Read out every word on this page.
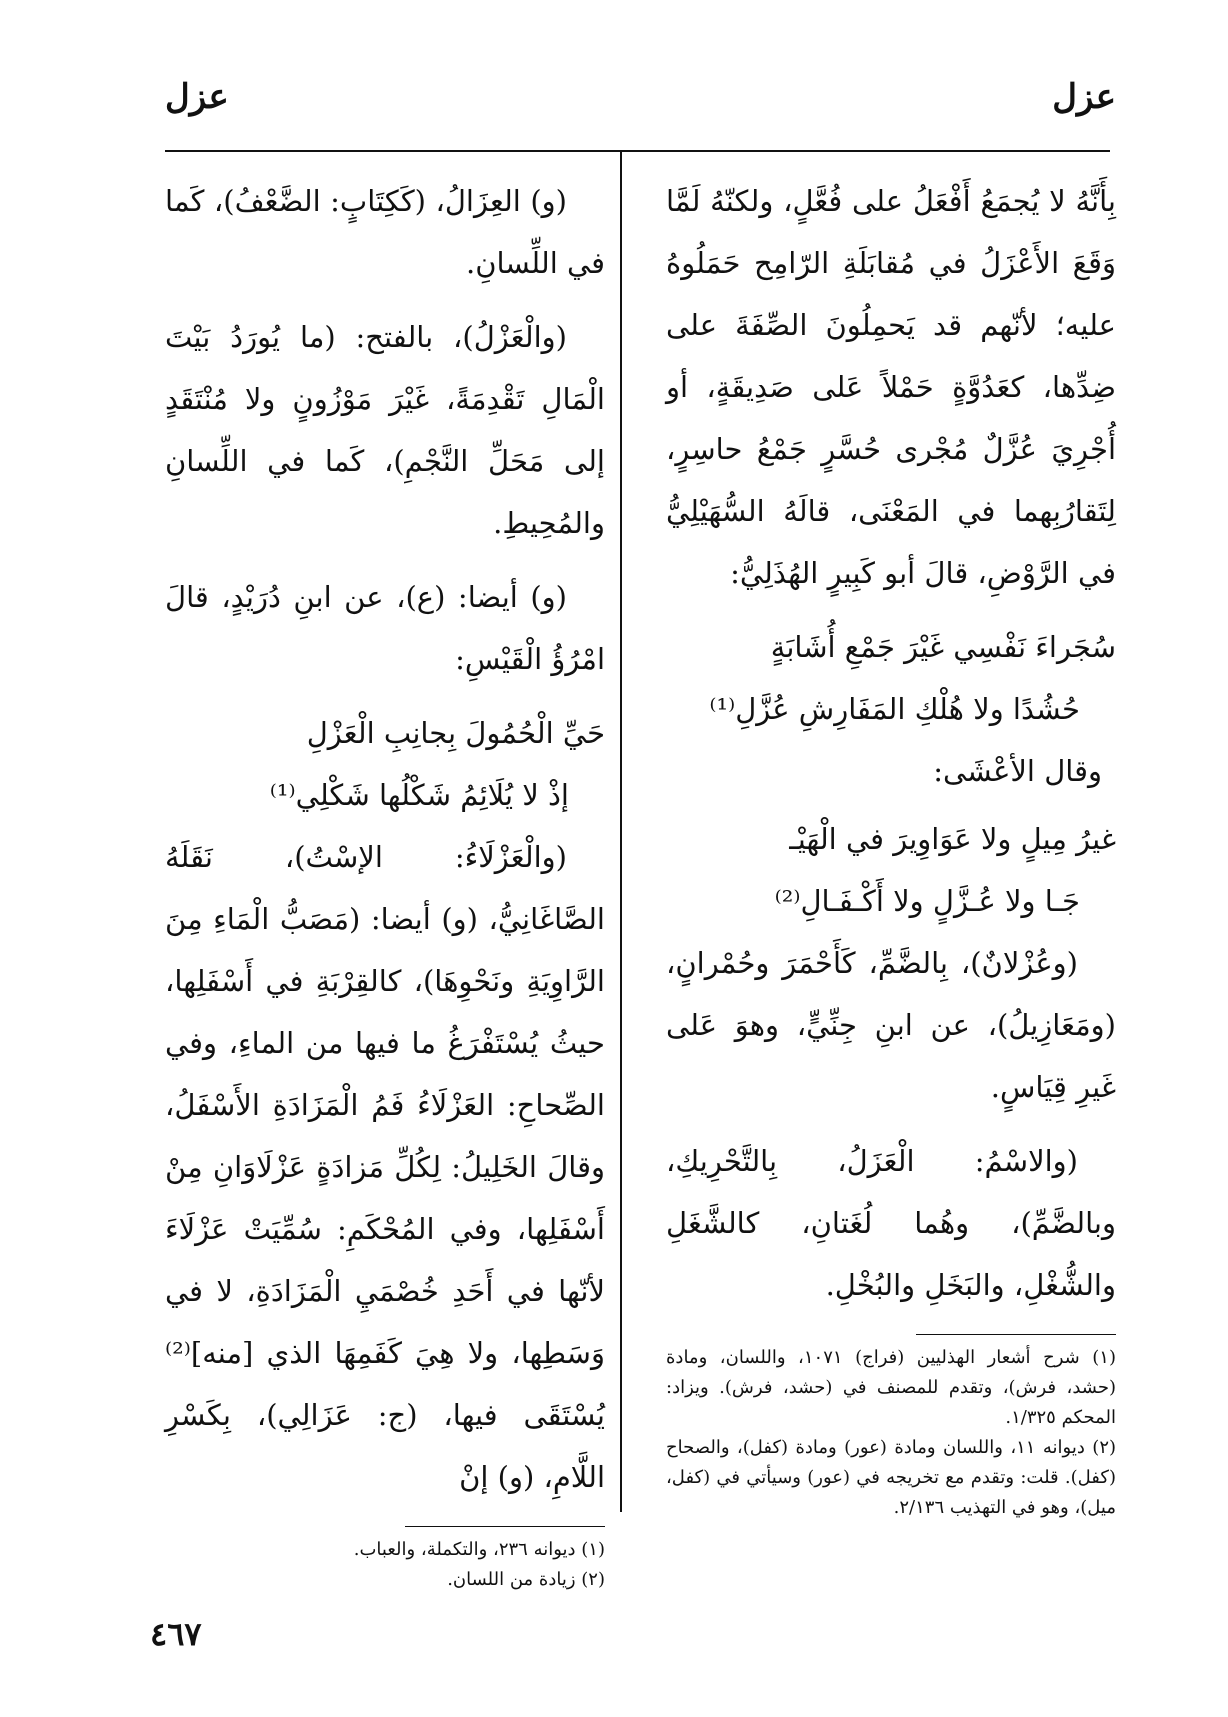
عزل
عزل

بِأَنَّهُ لا يُجمَعُ أَفْعَلُ على فُعَّلٍ، ولكنّهُ لَمَّا وَقَعَ الأَعْزَلُ في مُقابَلَةِ الرّامِح حَمَلُوهُ عليه؛ لأنّهم قد يَحمِلُونَ الصِّفَةَ على ضِدِّها، كعَدُوَّةٍ حَمْلاً عَلى صَدِيقَةٍ، أو أُجْرِيَ عُزَّلٌ مُجْرى حُسَّرٍ جَمْعُ حاسِرٍ، لِتَقارُبِهما في المَعْنَى، قالَهُ السُّهَيْلِيُّ في الرَّوْضِ، قالَ أبو كَبِيرٍ الهُذَلِيُّ:

سُجَراءَ نَفْسِي غَيْرَ جَمْعِ أُشَابَةٍ

حُشُدًا ولا هُلْكِ المَفَارِشِ عُزَّلِ⁽¹⁾

وقال الأعْشَى:

غيرُ مِيلٍ ولا عَوَاوِيرَ في الْهَيْـ

جَـا ولا عُـزَّلٍ ولا أَكْـفَـالِ⁽²⁾

(وعُزْلانٌ)، بِالضَّمِّ، كَأَحْمَرَ وحُمْرانٍ، (ومَعَازِيلُ)، عن ابنِ جِنِّيٍّ، وهوَ عَلى غَيرِ قِيَاسٍ.

(والاسْمُ: الْعَزَلُ، بِالتَّحْرِيكِ، وبالضَّمِّ)، وهُما لُغَتانِ، كالشَّغَلِ والشُّغْلِ، والبَخَلِ والبُخْلِ.

(١) شرح أشعار الهذليين (فراج) ١٠٧١، واللسان، ومادة (حشد، فرش)، وتقدم للمصنف في (حشد، فرش). ويزاد: المحكم ١/٣٢٥.

(٢) ديوانه ١١، واللسان ومادة (عور) ومادة (كفل)، والصحاح (كفل). قلت: وتقدم مع تخريجه في (عور) وسيأتي في (كفل، ميل)، وهو في التهذيب ٢/١٣٦.

(و) العِزَالُ، (كَكِتَابٍ: الضَّعْفُ)، كَما في اللِّسانِ.

(والْعَزْلُ)، بالفتح: (ما يُورَدُ بَيْتَ الْمَالِ تَقْدِمَةً، غَيْرَ مَوْزُونٍ ولا مُنْتَقَدٍ إلى مَحَلِّ النَّجْمِ)، كَما في اللِّسانِ والمُحِيطِ.

(و) أيضا: (ع)، عن ابنِ دُرَيْدٍ، قالَ امْرُؤُ الْقَيْسِ:

حَيِّ الْحُمُولَ بِجانِبِ الْعَزْلِ

إذْ لا يُلَائِمُ شَكْلُها شَكْلِي⁽¹⁾

(والْعَزْلَاءُ: الإسْتُ)، نَقَلَهُ الصَّاغَانِيُّ، (و) أيضا: (مَصَبُّ الْمَاءِ مِنَ الرَّاوِيَةِ ونَحْوِهَا)، كالقِرْبَةِ في أَسْفَلِها، حيثُ يُسْتَفْرَغُ ما فيها من الماءِ، وفي الصِّحاحِ: العَزْلَاءُ فَمُ الْمَزَادَةِ الأَسْفَلُ، وقالَ الخَلِيلُ: لِكُلِّ مَزادَةٍ عَزْلَاوَانِ مِنْ أَسْفَلِها، وفي المُحْكَمِ: سُمِّيَتْ عَزْلَاءَ لأنّها في أَحَدِ خُصْمَيِ الْمَزَادَةِ، لا في وَسَطِها، ولا هِيَ كَفَمِهَا الذي [منه]⁽²⁾ يُسْتَقَى فيها، (ج: عَزَالِي)، بِكَسْرِ اللَّامِ، (و) إنْ

(١) ديوانه ٢٣٦، والتكملة، والعباب.

(٢) زيادة من اللسان.

٤٦٧
